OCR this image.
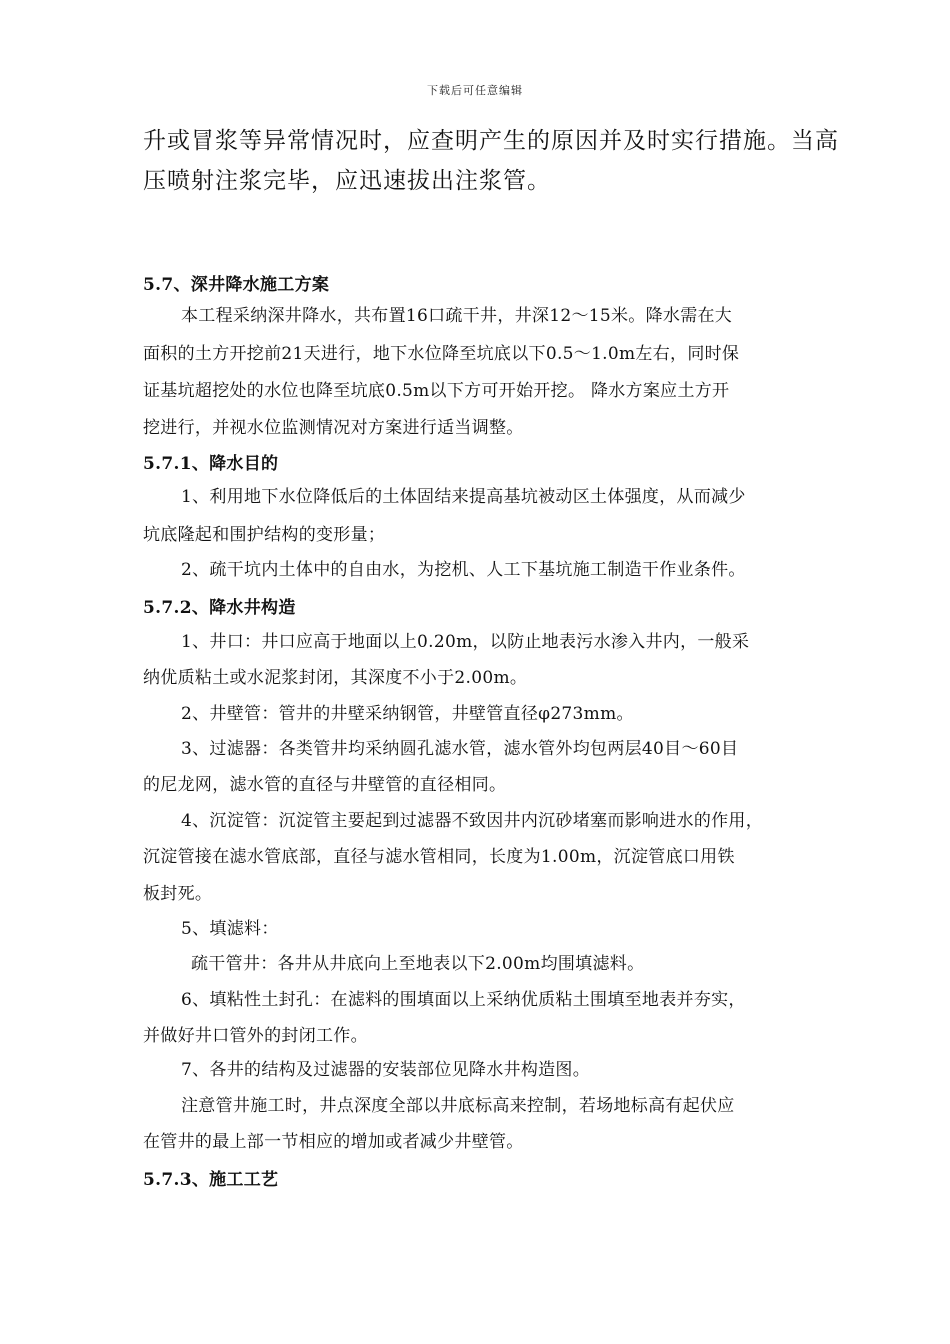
下载后可任意编辑
升或冒浆等异常情况时，应查明产生的原因并及时实行措施。当高
压喷射注浆完毕，应迅速拔出注浆管。
5.7、深井降水施工方案
本工程采纳深井降水，共布置16口疏干井，井深12～15米。降水需在大
面积的土方开挖前21天进行，地下水位降至坑底以下0.5～1.0m左右，同时保
证基坑超挖处的水位也降至坑底0.5m以下方可开始开挖。 降水方案应土方开
挖进行，并视水位监测情况对方案进行适当调整。
5.7.1、降水目的
1、利用地下水位降低后的土体固结来提高基坑被动区土体强度，从而减少
坑底隆起和围护结构的变形量；
2、疏干坑内土体中的自由水，为挖机、人工下基坑施工制造干作业条件。
5.7.2、降水井构造
1、井口：井口应高于地面以上0.20m，以防止地表污水渗入井内，一般采
纳优质粘土或水泥浆封闭，其深度不小于2.00m。
2、井壁管：管井的井壁采纳钢管，井壁管直径φ273mm。
3、过滤器：各类管井均采纳圆孔滤水管，滤水管外均包两层40目～60目
的尼龙网，滤水管的直径与井壁管的直径相同。
4、沉淀管：沉淀管主要起到过滤器不致因井内沉砂堵塞而影响进水的作用，
沉淀管接在滤水管底部，直径与滤水管相同，长度为1.00m，沉淀管底口用铁
板封死。
5、填滤料：
疏干管井：各井从井底向上至地表以下2.00m均围填滤料。
6、填粘性土封孔：在滤料的围填面以上采纳优质粘土围填至地表并夯实，
并做好井口管外的封闭工作。
7、各井的结构及过滤器的安装部位见降水井构造图。
注意管井施工时，井点深度全部以井底标高来控制，若场地标高有起伏应
在管井的最上部一节相应的增加或者减少井壁管。
5.7.3、施工工艺
